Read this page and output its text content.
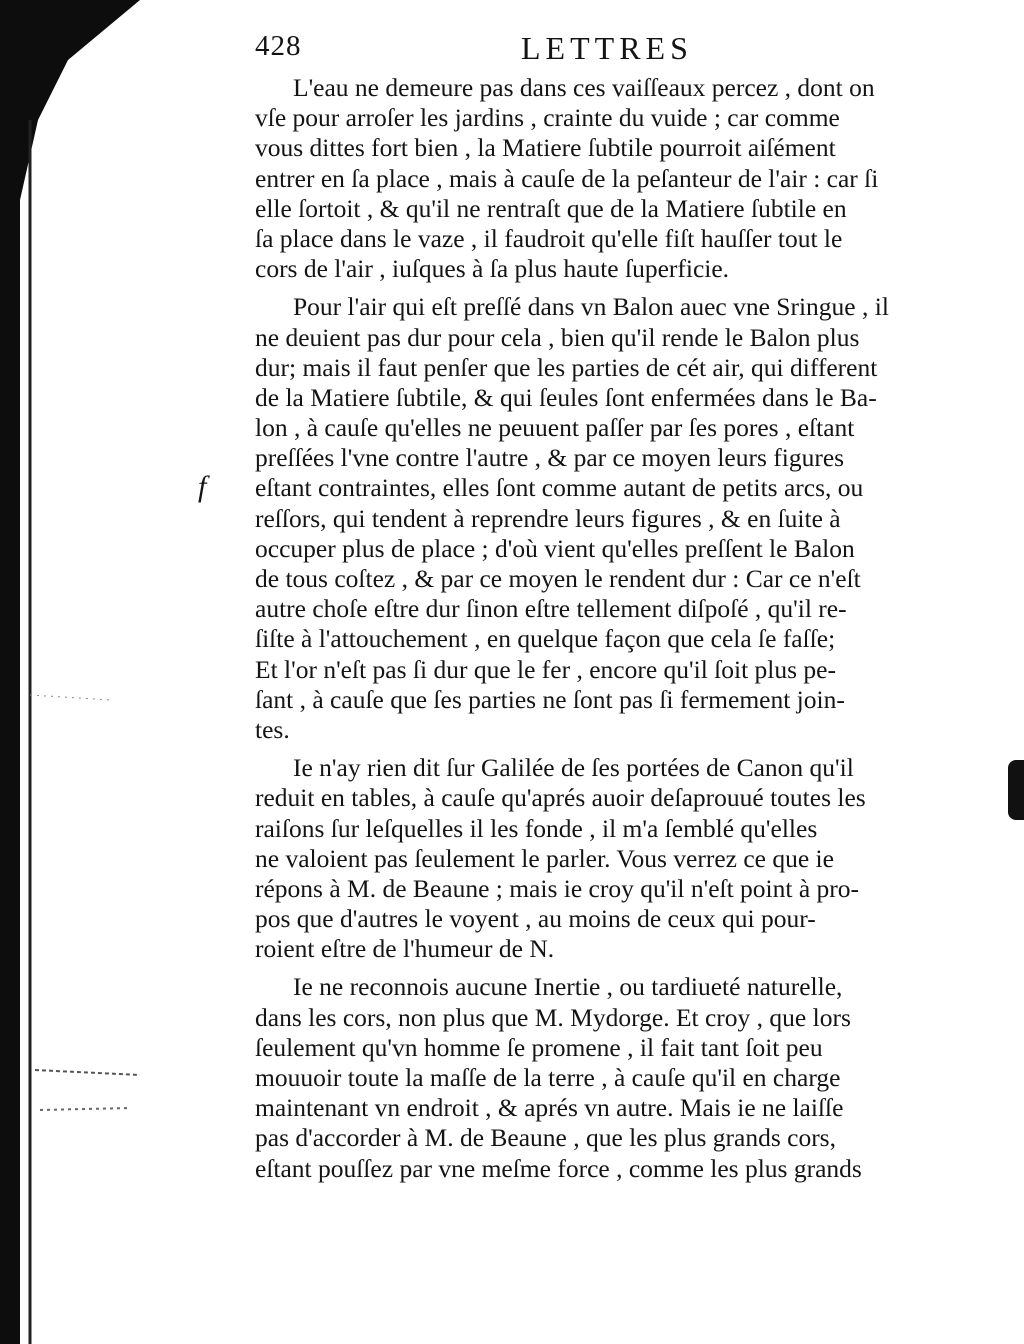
f
428	LETTRES
L'eau ne demeure pas dans ces vaiſſeaux percez , dont on
vſe pour arroſer les jardins , crainte du vuide ; car comme
vous dittes fort bien , la Matiere ſubtile pourroit aiſément
entrer en ſa place , mais à cauſe de la peſanteur de l'air : car ſi
elle ſortoit , & qu'il ne rentraſt que de la Matiere ſubtile en
ſa place dans le vaze , il faudroit qu'elle fiſt hauſſer tout le
cors de l'air , iuſques à ſa plus haute ſuperficie.
Pour l'air qui eſt preſſé dans vn Balon auec vne Sringue , il
ne deuient pas dur pour cela , bien qu'il rende le Balon plus
dur; mais il faut penſer que les parties de cét air, qui different
de la Matiere ſubtile, & qui ſeules ſont enfermées dans le Ba-
lon , à cauſe qu'elles ne peuuent paſſer par ſes pores , eſtant
preſſées l'vne contre l'autre , & par ce moyen leurs figures
eſtant contraintes, elles ſont comme autant de petits arcs, ou
reſſors, qui tendent à reprendre leurs figures , & en ſuite à
occuper plus de place ; d'où vient qu'elles preſſent le Balon
de tous coſtez , & par ce moyen le rendent dur : Car ce n'eſt
autre choſe eſtre dur ſinon eſtre tellement diſpoſé , qu'il re-
ſiſte à l'attouchement , en quelque façon que cela ſe faſſe;
Et l'or n'eſt pas ſi dur que le fer , encore qu'il ſoit plus pe-
ſant , à cauſe que ſes parties ne ſont pas ſi fermement join-
tes.
Ie n'ay rien dit ſur Galilée de ſes portées de Canon qu'il
reduit en tables, à cauſe qu'aprés auoir deſaprouué toutes les
raiſons ſur leſquelles il les fonde , il m'a ſemblé qu'elles
ne valoient pas ſeulement le parler. Vous verrez ce que ie
répons à M. de Beaune ; mais ie croy qu'il n'eſt point à pro-
pos que d'autres le voyent , au moins de ceux qui pour-
roient eſtre de l'humeur de N.
Ie ne reconnois aucune Inertie , ou tardiueté naturelle,
dans les cors, non plus que M. Mydorge. Et croy , que lors
ſeulement qu'vn homme ſe promene , il fait tant ſoit peu
mouuoir toute la maſſe de la terre , à cauſe qu'il en charge
maintenant vn endroit , & aprés vn autre. Mais ie ne laiſſe
pas d'accorder à M. de Beaune , que les plus grands cors,
eſtant pouſſez par vne meſme force , comme les plus grands
